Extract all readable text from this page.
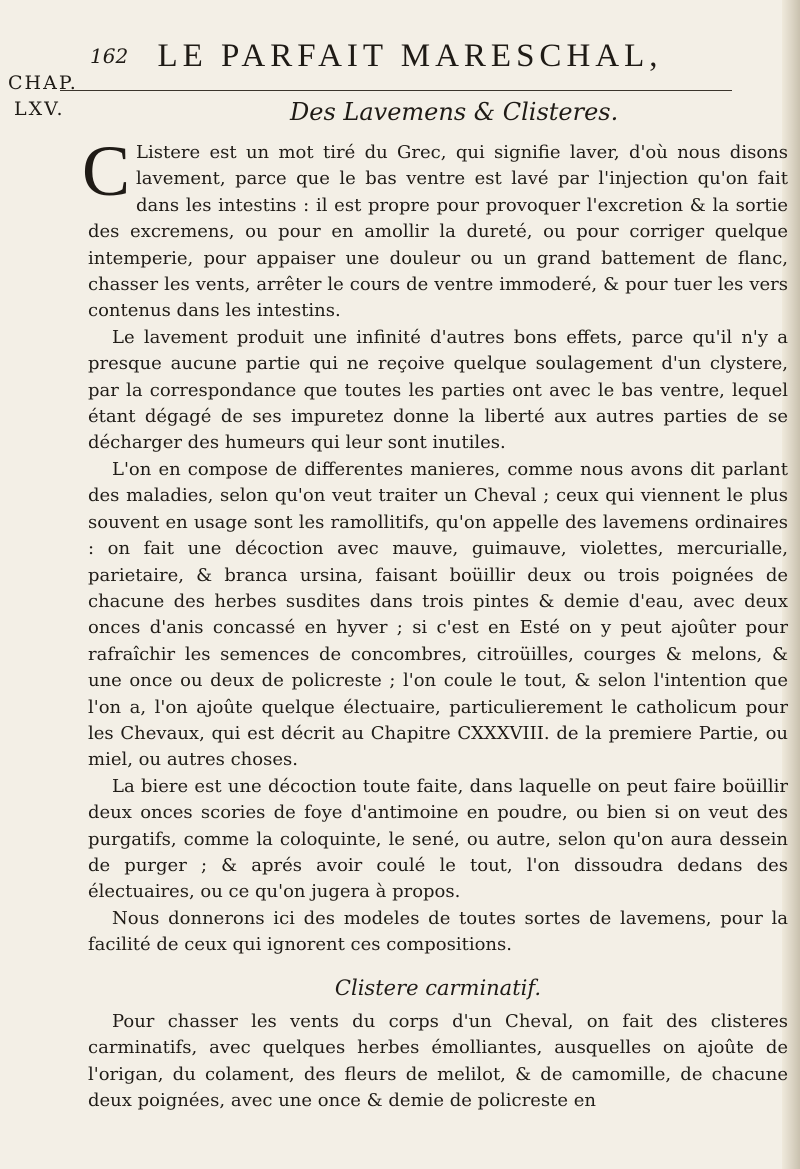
CHAP.
LXV.
162 LE PARFAIT MARESCHAL,
Des Lavemens & Clisteres.

C Listere est un mot tiré du Grec, qui signifie laver, d'où nous disons lavement, parce que le bas ventre est lavé par l'injection qu'on fait dans les intestins : il est propre pour provoquer l'excretion & la sortie des excremens, ou pour en amollir la dureté, ou pour corriger quelque intemperie, pour appaiser une douleur ou un grand battement de flanc, chasser les vents, arrêter le cours de ventre immoderé, & pour tuer les vers contenus dans les intestins.

Le lavement produit une infinité d'autres bons effets, parce qu'il n'y a presque aucune partie qui ne reçoive quelque soulagement d'un clystere, par la correspondance que toutes les parties ont avec le bas ventre, lequel étant dégagé de ses impuretez donne la liberté aux autres parties de se décharger des humeurs qui leur sont inutiles.

L'on en compose de differentes manieres, comme nous avons dit parlant des maladies, selon qu'on veut traiter un Cheval ; ceux qui viennent le plus souvent en usage sont les ramollitifs, qu'on appelle des lavemens ordinaires : on fait une décoction avec mauve, guimauve, violettes, mercurialle, parietaire, & branca ursina, faisant boüillir deux ou trois poignées de chacune des herbes susdites dans trois pintes & demie d'eau, avec deux onces d'anis concassé en hyver ; si c'est en Esté on y peut ajoûter pour rafraîchir les semences de concombres, citroüilles, courges & melons, & une once ou deux de policreste ; l'on coule le tout, & selon l'intention que l'on a, l'on ajoûte quelque électuaire, particulierement le catholicum pour les Chevaux, qui est décrit au Chapitre CXXXVIII. de la premiere Partie, ou miel, ou autres choses.

La biere est une décoction toute faite, dans laquelle on peut faire boüillir deux onces scories de foye d'antimoine en poudre, ou bien si on veut des purgatifs, comme la coloquinte, le sené, ou autre, selon qu'on aura dessein de purger ; & aprés avoir coulé le tout, l'on dissoudra dedans des électuaires, ou ce qu'on jugera à propos.

Nous donnerons ici des modeles de toutes sortes de lavemens, pour la facilité de ceux qui ignorent ces compositions.

Clistere carminatif.

Pour chasser les vents du corps d'un Cheval, on fait des clisteres carminatifs, avec quelques herbes émolliantes, ausquelles on ajoûte de l'origan, du colament, des fleurs de melilot, & de camomille, de chacune deux poignées, avec une once & demie de policreste en
